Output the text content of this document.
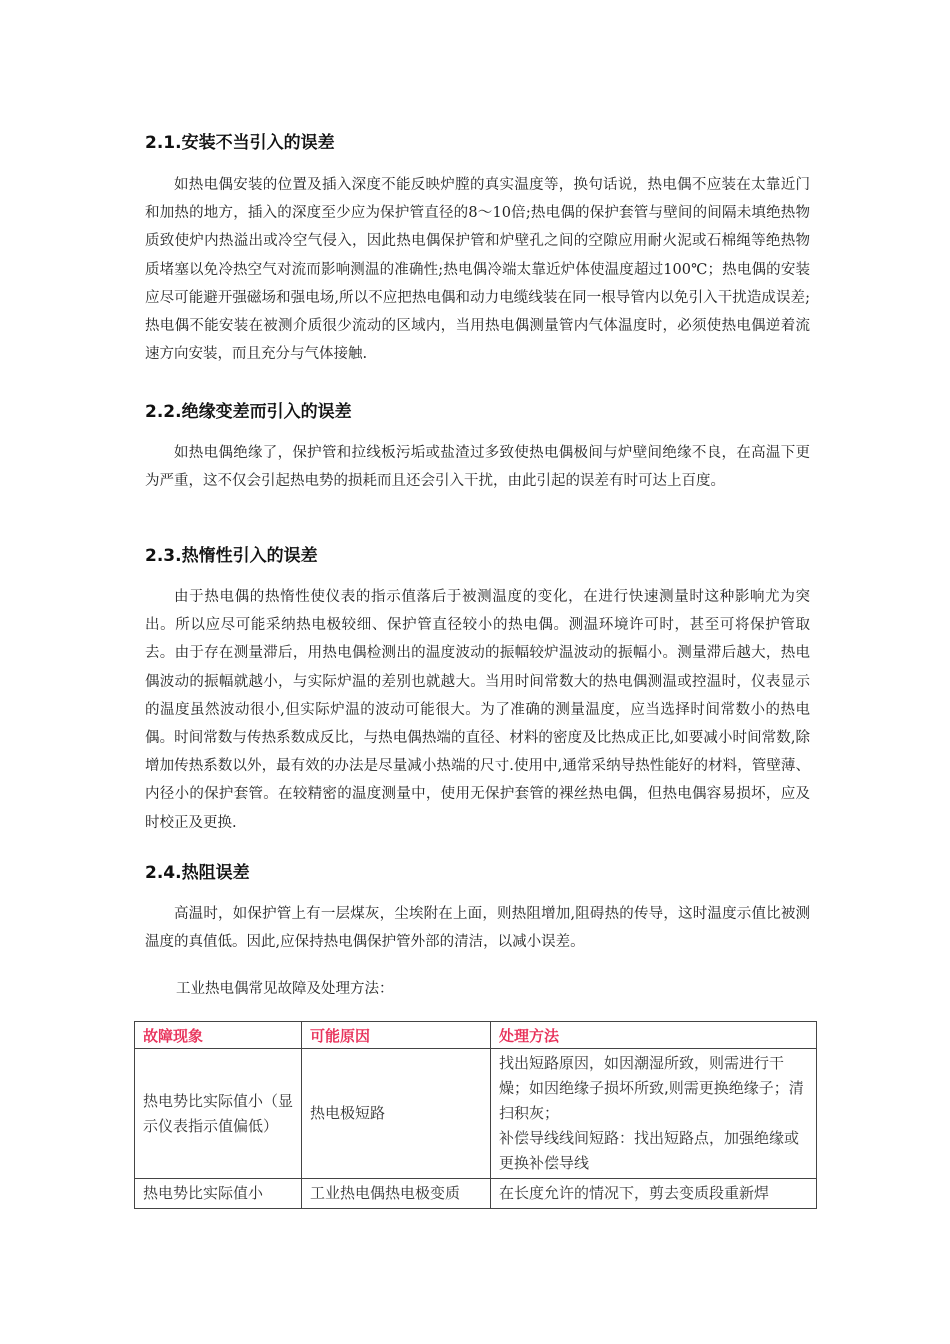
2.1.安装不当引入的误差

如热电偶安装的位置及插入深度不能反映炉膛的真实温度等，换句话说，热电偶不应装在太靠近门和加热的地方，插入的深度至少应为保护管直径的8～10倍;热电偶的保护套管与壁间的间隔未填绝热物质致使炉内热溢出或冷空气侵入，因此热电偶保护管和炉壁孔之间的空隙应用耐火泥或石棉绳等绝热物质堵塞以免冷热空气对流而影响测温的准确性;热电偶冷端太靠近炉体使温度超过100℃；热电偶的安装应尽可能避开强磁场和强电场,所以不应把热电偶和动力电缆线装在同一根导管内以免引入干扰造成误差;热电偶不能安装在被测介质很少流动的区域内，当用热电偶测量管内气体温度时，必须使热电偶逆着流速方向安装，而且充分与气体接触.

2.2.绝缘变差而引入的误差

如热电偶绝缘了，保护管和拉线板污垢或盐渣过多致使热电偶极间与炉壁间绝缘不良，在高温下更为严重，这不仅会引起热电势的损耗而且还会引入干扰，由此引起的误差有时可达上百度。

2.3.热惰性引入的误差

由于热电偶的热惰性使仪表的指示值落后于被测温度的变化，在进行快速测量时这种影响尤为突出。所以应尽可能采纳热电极较细、保护管直径较小的热电偶。测温环境许可时，甚至可将保护管取去。由于存在测量滞后，用热电偶检测出的温度波动的振幅较炉温波动的振幅小。测量滞后越大，热电偶波动的振幅就越小，与实际炉温的差别也就越大。当用时间常数大的热电偶测温或控温时，仪表显示的温度虽然波动很小,但实际炉温的波动可能很大。为了准确的测量温度，应当选择时间常数小的热电偶。时间常数与传热系数成反比，与热电偶热端的直径、材料的密度及比热成正比,如要减小时间常数,除增加传热系数以外，最有效的办法是尽量减小热端的尺寸.使用中,通常采纳导热性能好的材料，管壁薄、内径小的保护套管。在较精密的温度测量中，使用无保护套管的裸丝热电偶，但热电偶容易损坏，应及时校正及更换.

2.4.热阻误差

高温时，如保护管上有一层煤灰，尘埃附在上面，则热阻增加,阻碍热的传导，这时温度示值比被测温度的真值低。因此,应保持热电偶保护管外部的清洁，以减小误差。

工业热电偶常见故障及处理方法：
故障现象	可能原因	处理方法
热电势比实际值小（显示仪表指示值偏低）	热电极短路	找出短路原因，如因潮湿所致，则需进行干燥；如因绝缘子损坏所致,则需更换绝缘子；清扫积灰；
补偿导线线间短路：找出短路点，加强绝缘或更换补偿导线

热电势比实际值小	工业热电偶热电极变质	在长度允许的情况下，剪去变质段重新焊
